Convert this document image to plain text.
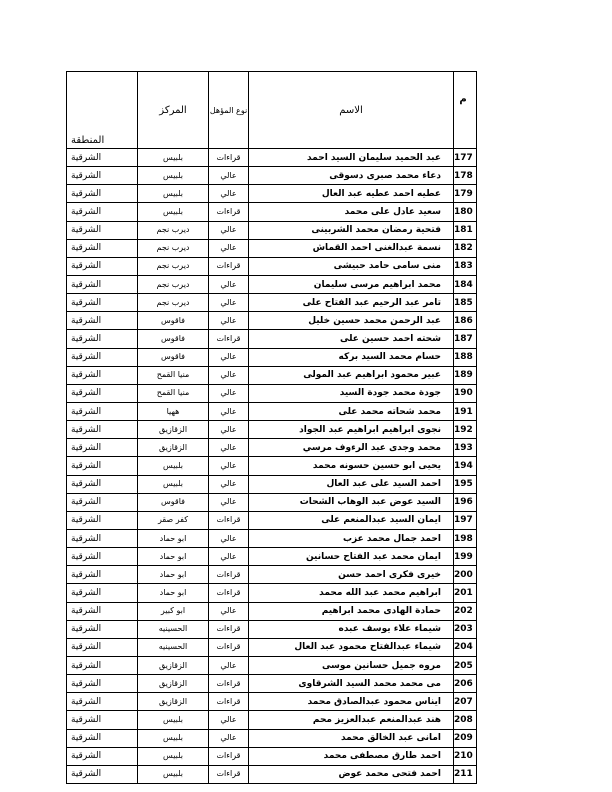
المنطقة	المركز	نوع المؤهل	الاسم	م
الشرقية	بلبيس	قراءات	عبد الحميد سليمان السيد احمد	177
الشرقية	بلبيس	عالي	دعاء محمد صبرى دسوقى	178
الشرقية	بلبيس	عالي	عطيه احمد عطيه عبد العال	179
الشرقية	بلبيس	قراءات	سعيد عادل على محمد	180
الشرقية	ديرب نجم	عالي	فتحية رمضان محمد الشربينى	181
الشرقية	ديرب نجم	عالي	نسمة عبدالغنى احمد القماش	182
الشرقية	ديرب نجم	قراءات	منى سامى حامد حبيشى	183
الشرقية	ديرب نجم	عالي	محمد ابراهيم مرسى سليمان	184
الشرقية	ديرب نجم	عالي	تامر عبد الرحيم عبد الفتاح على	185
الشرقية	فاقوس	عالي	عبد الرحمن محمد حسين خليل	186
الشرقية	فاقوس	قراءات	شحته احمد حسين على	187
الشرقية	فاقوس	عالي	حسام محمد السيد بركه	188
الشرقية	منيا القمح	عالي	عبير محمود ابراهيم عبد المولى	189
الشرقية	منيا القمح	عالي	جودة محمد جودة السيد	190
الشرقية	ههيا	عالي	محمد شحاته محمد على	191
الشرقية	الزقازيق	عالي	نجوى ابراهيم ابراهيم عبد الجواد	192
الشرقية	الزقازيق	عالي	محمد وجدى عبد الرءوف مرسي	193
الشرقية	بلبيس	عالي	يحيى ابو حسين حسونه محمد	194
الشرقية	بلبيس	عالي	احمد السيد على عبد العال	195
الشرقية	فاقوس	عالي	السيد عوض عبد الوهاب الشحات	196
الشرقية	كفر صقر	قراءات	ايمان السيد عبدالمنعم على	197
الشرقية	ابو حماد	عالي	احمد جمال محمد عزب	198
الشرقية	ابو حماد	عالي	ايمان محمد عبد الفتاح حسانين	199
الشرقية	ابو حماد	قراءات	خيرى فكرى احمد حسن	200
الشرقية	ابو حماد	قراءات	ابراهيم محمد عبد الله محمد	201
الشرقية	ابو كبير	عالي	حمادة الهادى محمد ابراهيم	202
الشرقية	الحسينيه	قراءات	شيماء علاء يوسف عبده	203
الشرقية	الحسينيه	قراءات	شيماء عبدالفتاح محمود عبد العال	204
الشرقية	الزقازيق	عالي	مروه جميل حسانين موسى	205
الشرقية	الزقازيق	قراءات	مى محمد محمد السيد الشرقاوى	206
الشرقية	الزقازيق	قراءات	ايناس محمود عبدالصادق محمد	207
الشرقية	بلبيس	عالي	هند عبدالمنعم عبدالعزيز محم	208
الشرقية	بلبيس	عالي	امانى عبد الخالق محمد	209
الشرقية	بلبيس	قراءات	احمد طارق مصطفى محمد	210
الشرقية	بلبيس	قراءات	احمد فتحى محمد عوض	211
